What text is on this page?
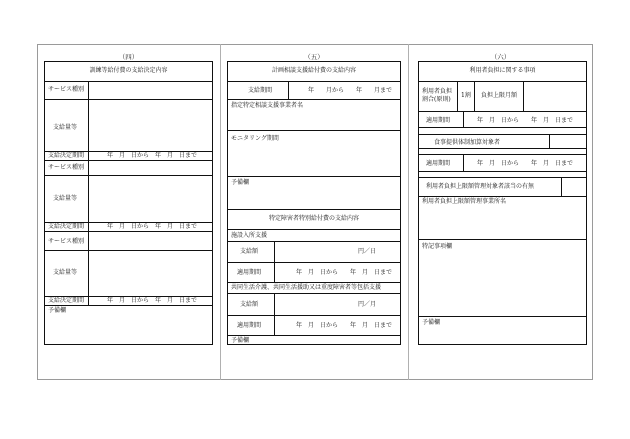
（四）
訓練等給付費の支給決定内容
サービス種別
支給量等
支給決定期間	年　月　日から　年　月　日まで
サービス種別
支給量等
支給決定期間	年　月　日から　年　月　日まで
サービス種別
支給量等
支給決定期間	年　月　日から　年　月　日まで
予備欄
（五）
計画相談支援給付費の支給内容
支給期間	年　　月から　　年　　月まで
指定特定相談支援事業者名
モニタリング期間
予備欄
特定障害者特別給付費の支給内容
施設入所支援
支給額	円／日
適用期間	年　月　日から　　年　月　日まで
共同生活介護、共同生活援助又は重度障害者等包括支援
支給額	円／月
適用期間	年　月　日から　　年　月　日まで
予備欄
（六）
利用者負担に関する事項
利用者負担
割合(原則)
1割 負担上限月額
適用期間	年　月　日から　　年　月　日まで
食事提供体制加算対象者
適用期間	年　月　日から　　年　月　日まで
利用者負担上限額管理対象者該当の有無
利用者負担上限額管理事業所名
特記事項欄
予備欄
